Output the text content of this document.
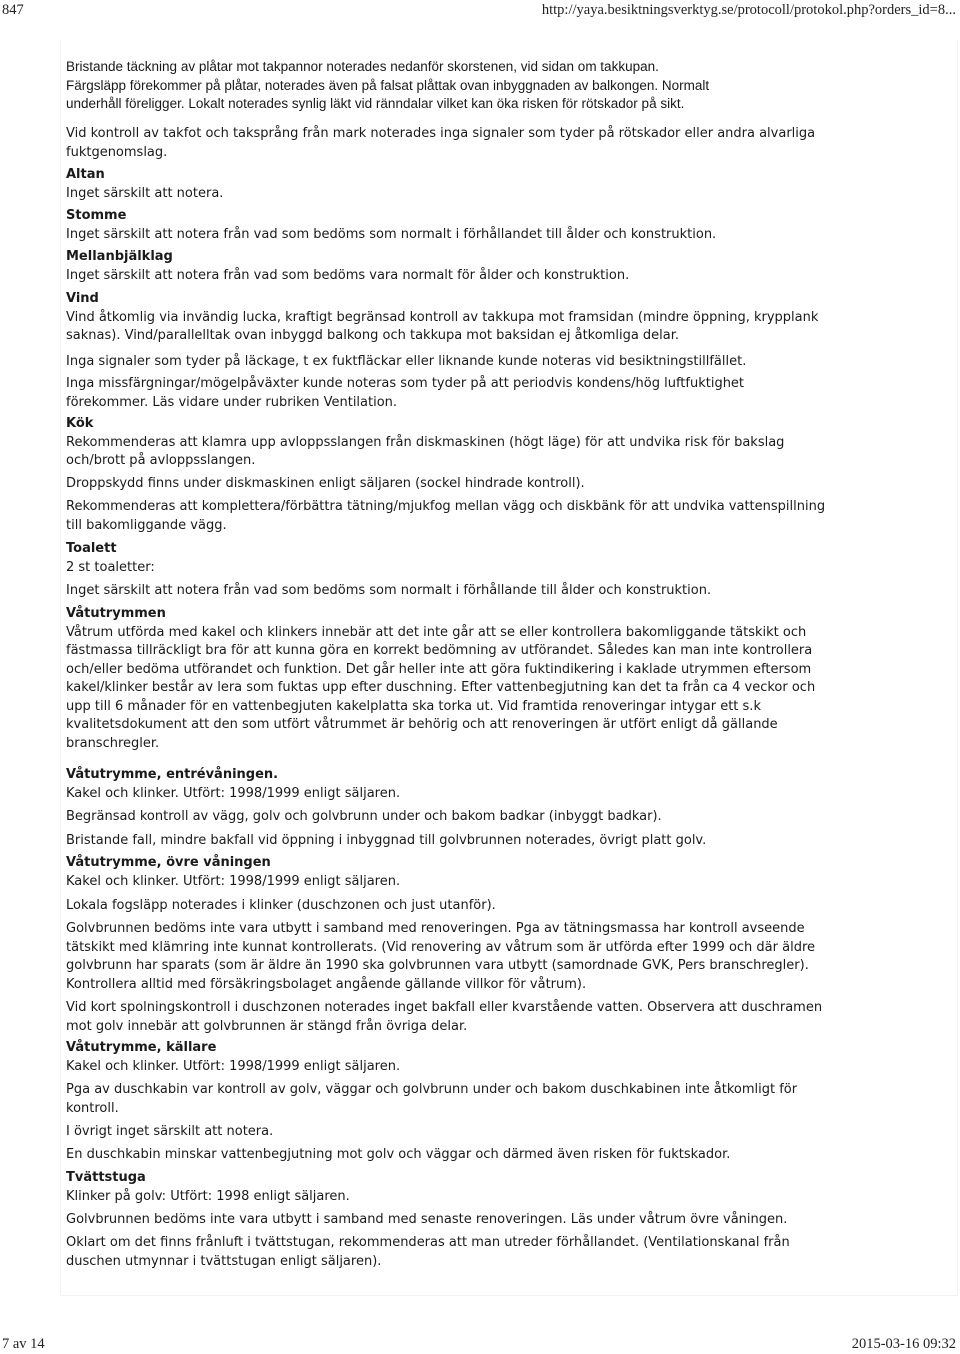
847	http://yaya.besiktningsverktyg.se/protocoll/protokol.php?orders_id=8...
Bristande täckning av plåtar mot takpannor noterades nedanför skorstenen, vid sidan om takkupan.
Färgsläpp förekommer på plåtar, noterades även på falsat plåttak ovan inbyggnaden av balkongen. Normalt
underhåll föreligger. Lokalt noterades synlig läkt vid ränndalar vilket kan öka risken för rötskador på sikt.
Vid kontroll av takfot och taksprång från mark noterades inga signaler som tyder på rötskador eller andra alvarliga
fuktgenomslag.
Altan
Inget särskilt att notera.
Stomme
Inget särskilt att notera från vad som bedöms som normalt i förhållandet till ålder och konstruktion.
Mellanbjälklag
Inget särskilt att notera från vad som bedöms vara normalt för ålder och konstruktion.
Vind
Vind åtkomlig via invändig lucka, kraftigt begränsad kontroll av takkupa mot framsidan (mindre öppning, krypplank
saknas). Vind/parallelltak ovan inbyggd balkong och takkupa mot baksidan ej åtkomliga delar.
Inga signaler som tyder på läckage, t ex fuktfläckar eller liknande kunde noteras vid besiktningstillfället.
Inga missfärgningar/mögelpåväxter kunde noteras som tyder på att periodvis kondens/hög luftfuktighet
förekommer. Läs vidare under rubriken Ventilation.
Kök
Rekommenderas att klamra upp avloppsslangen från diskmaskinen (högt läge) för att undvika risk för bakslag
och/brott på avloppsslangen.
Droppskydd finns under diskmaskinen enligt säljaren (sockel hindrade kontroll).
Rekommenderas att komplettera/förbättra tätning/mjukfog mellan vägg och diskbänk för att undvika vattenspillning
till bakomliggande vägg.
Toalett
2 st toaletter:
Inget särskilt att notera från vad som bedöms som normalt i förhållande till ålder och konstruktion.
Våtutrymmen
Våtrum utförda med kakel och klinkers innebär att det inte går att se eller kontrollera bakomliggande tätskikt och
fästmassa tillräckligt bra för att kunna göra en korrekt bedömning av utförandet. Således kan man inte kontrollera
och/eller bedöma utförandet och funktion. Det går heller inte att göra fuktindikering i kaklade utrymmen eftersom
kakel/klinker består av lera som fuktas upp efter duschning. Efter vattenbegjutning kan det ta från ca 4 veckor och
upp till 6 månader för en vattenbegjuten kakelplatta ska torka ut. Vid framtida renoveringar intygar ett s.k
kvalitetsdokument att den som utfört våtrummet är behörig och att renoveringen är utfört enligt då gällande
branschregler.
Våtutrymme, entrévåningen.
Kakel och klinker. Utfört: 1998/1999 enligt säljaren.
Begränsad kontroll av vägg, golv och golvbrunn under och bakom badkar (inbyggt badkar).
Bristande fall, mindre bakfall vid öppning i inbyggnad till golvbrunnen noterades, övrigt platt golv.
Våtutrymme, övre våningen
Kakel och klinker. Utfört: 1998/1999 enligt säljaren.
Lokala fogsläpp noterades i klinker (duschzonen och just utanför).
Golvbrunnen bedöms inte vara utbytt i samband med renoveringen. Pga av tätningsmassa har kontroll avseende
tätskikt med klämring inte kunnat kontrollerats. (Vid renovering av våtrum som är utförda efter 1999 och där äldre
golvbrunn har sparats (som är äldre än 1990 ska golvbrunnen vara utbytt (samordnade GVK, Pers branschregler).
Kontrollera alltid med försäkringsbolaget angående gällande villkor för våtrum).
Vid kort spolningskontroll i duschzonen noterades inget bakfall eller kvarstående vatten. Observera att duschramen
mot golv innebär att golvbrunnen är stängd från övriga delar.
Våtutrymme, källare
Kakel och klinker. Utfört: 1998/1999 enligt säljaren.
Pga av duschkabin var kontroll av golv, väggar och golvbrunn under och bakom duschkabinen inte åtkomligt för
kontroll.
I övrigt inget särskilt att notera.
En duschkabin minskar vattenbegjutning mot golv och väggar och därmed även risken för fuktskador.
Tvättstuga
Klinker på golv: Utfört: 1998 enligt säljaren.
Golvbrunnen bedöms inte vara utbytt i samband med senaste renoveringen. Läs under våtrum övre våningen.
Oklart om det finns frånluft i tvättstugan, rekommenderas att man utreder förhållandet. (Ventilationskanal från
duschen utmynnar i tvättstugan enligt säljaren).
7 av 14	2015-03-16 09:32
